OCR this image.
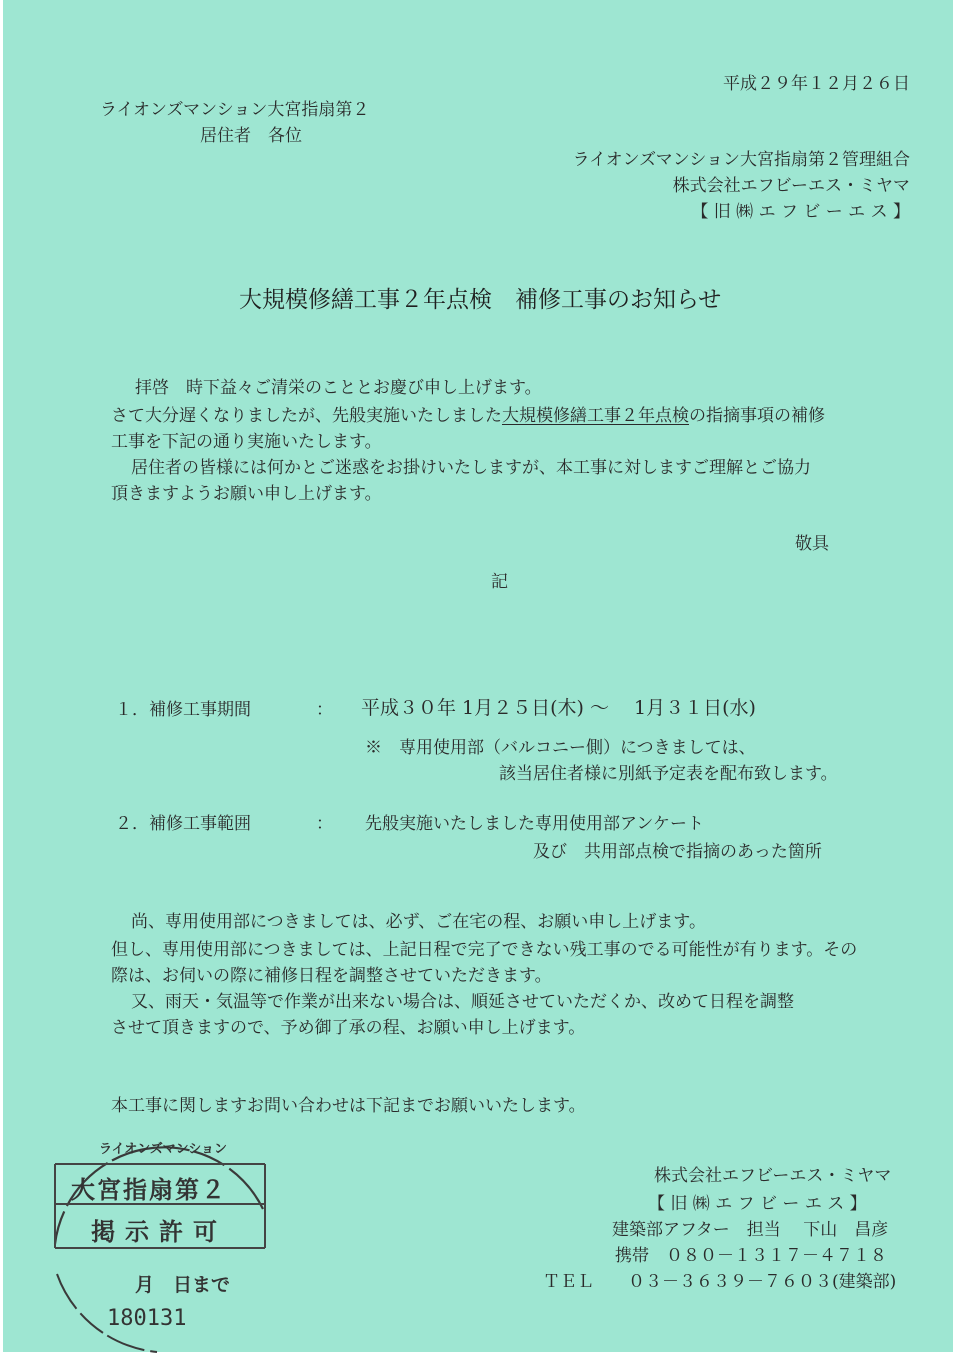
平成２９年１２月２６日
ライオンズマンション大宮指扇第２
居住者　各位
ライオンズマンション大宮指扇第２管理組合
株式会社エフビーエス・ミヤマ
【 旧 ㈱ エ フ ビ ー エ ス 】
大規模修繕工事２年点検　補修工事のお知らせ
拝啓　時下益々ご清栄のこととお慶び申し上げます。
さて大分遅くなりましたが、先般実施いたしました大規模修繕工事２年点検の指摘事項の補修
工事を下記の通り実施いたします。
居住者の皆様には何かとご迷惑をお掛けいたしますが、本工事に対しますご理解とご協力
頂きますようお願い申し上げます。
敬具
記
１．補修工事期間	： 平成３０年 1月２５日(木) 〜　 1月３１日(水)
※　専用使用部（バルコニー側）につきましては、
該当居住者様に別紙予定表を配布致します。
２．補修工事範囲	： 先般実施いたしました専用使用部アンケート
及び　共用部点検で指摘のあった箇所
尚、専用使用部につきましては、必ず、ご在宅の程、お願い申し上げます。
但し、専用使用部につきましては、上記日程で完了できない残工事のでる可能性が有ります。その
際は、お伺いの際に補修日程を調整させていただきます。
又、雨天・気温等で作業が出来ない場合は、順延させていただくか、改めて日程を調整
させて頂きますので、予め御了承の程、お願い申し上げます。
本工事に関しますお問い合わせは下記までお願いいたします。
株式会社エフビーエス・ミヤマ
【 旧 ㈱ エ フ ビ ー エ ス 】
建築部アフター　担当　 下山　昌彦
携帯　０８０－１３１７－４７１８
ＴＥＬ　　０３－３６３９－７６０３(建築部)
ライオンズマンション
大宮指扇第２
掲示許可
月　日まで
180131
